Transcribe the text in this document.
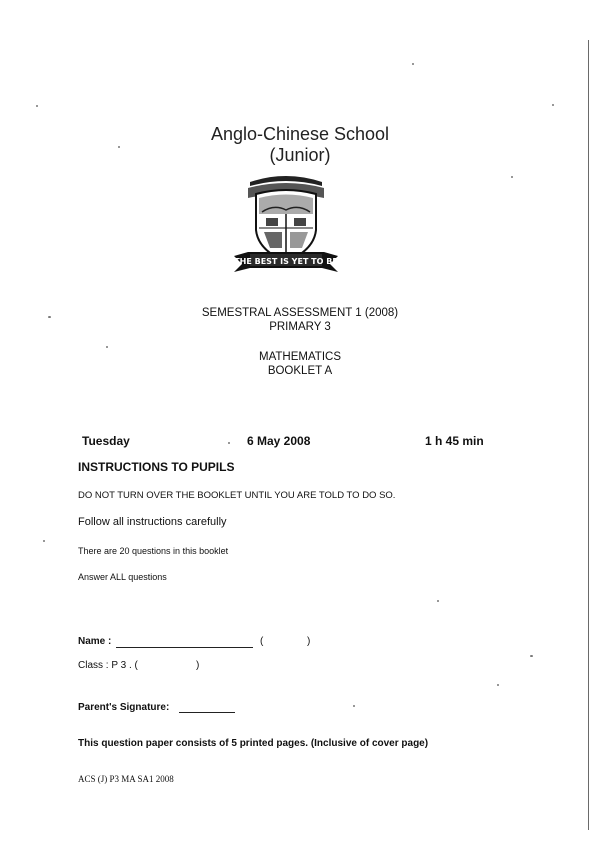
Anglo-Chinese School
(Junior)
THE BEST IS YET TO BE
SEMESTRAL ASSESSMENT 1 (2008)
PRIMARY 3
MATHEMATICS
BOOKLET A
Tuesday	6 May 2008	1 h 45 min
INSTRUCTIONS TO PUPILS
DO NOT TURN OVER THE BOOKLET UNTIL YOU ARE TOLD TO DO SO.
Follow all instructions carefully
There are 20 questions in this booklet
Answer ALL questions
Name :	(	)
Class : P 3 . (	)
Parent's Signature:
This question paper consists of 5 printed pages. (Inclusive of cover page)
ACS (J) P3 MA SA1 2008
